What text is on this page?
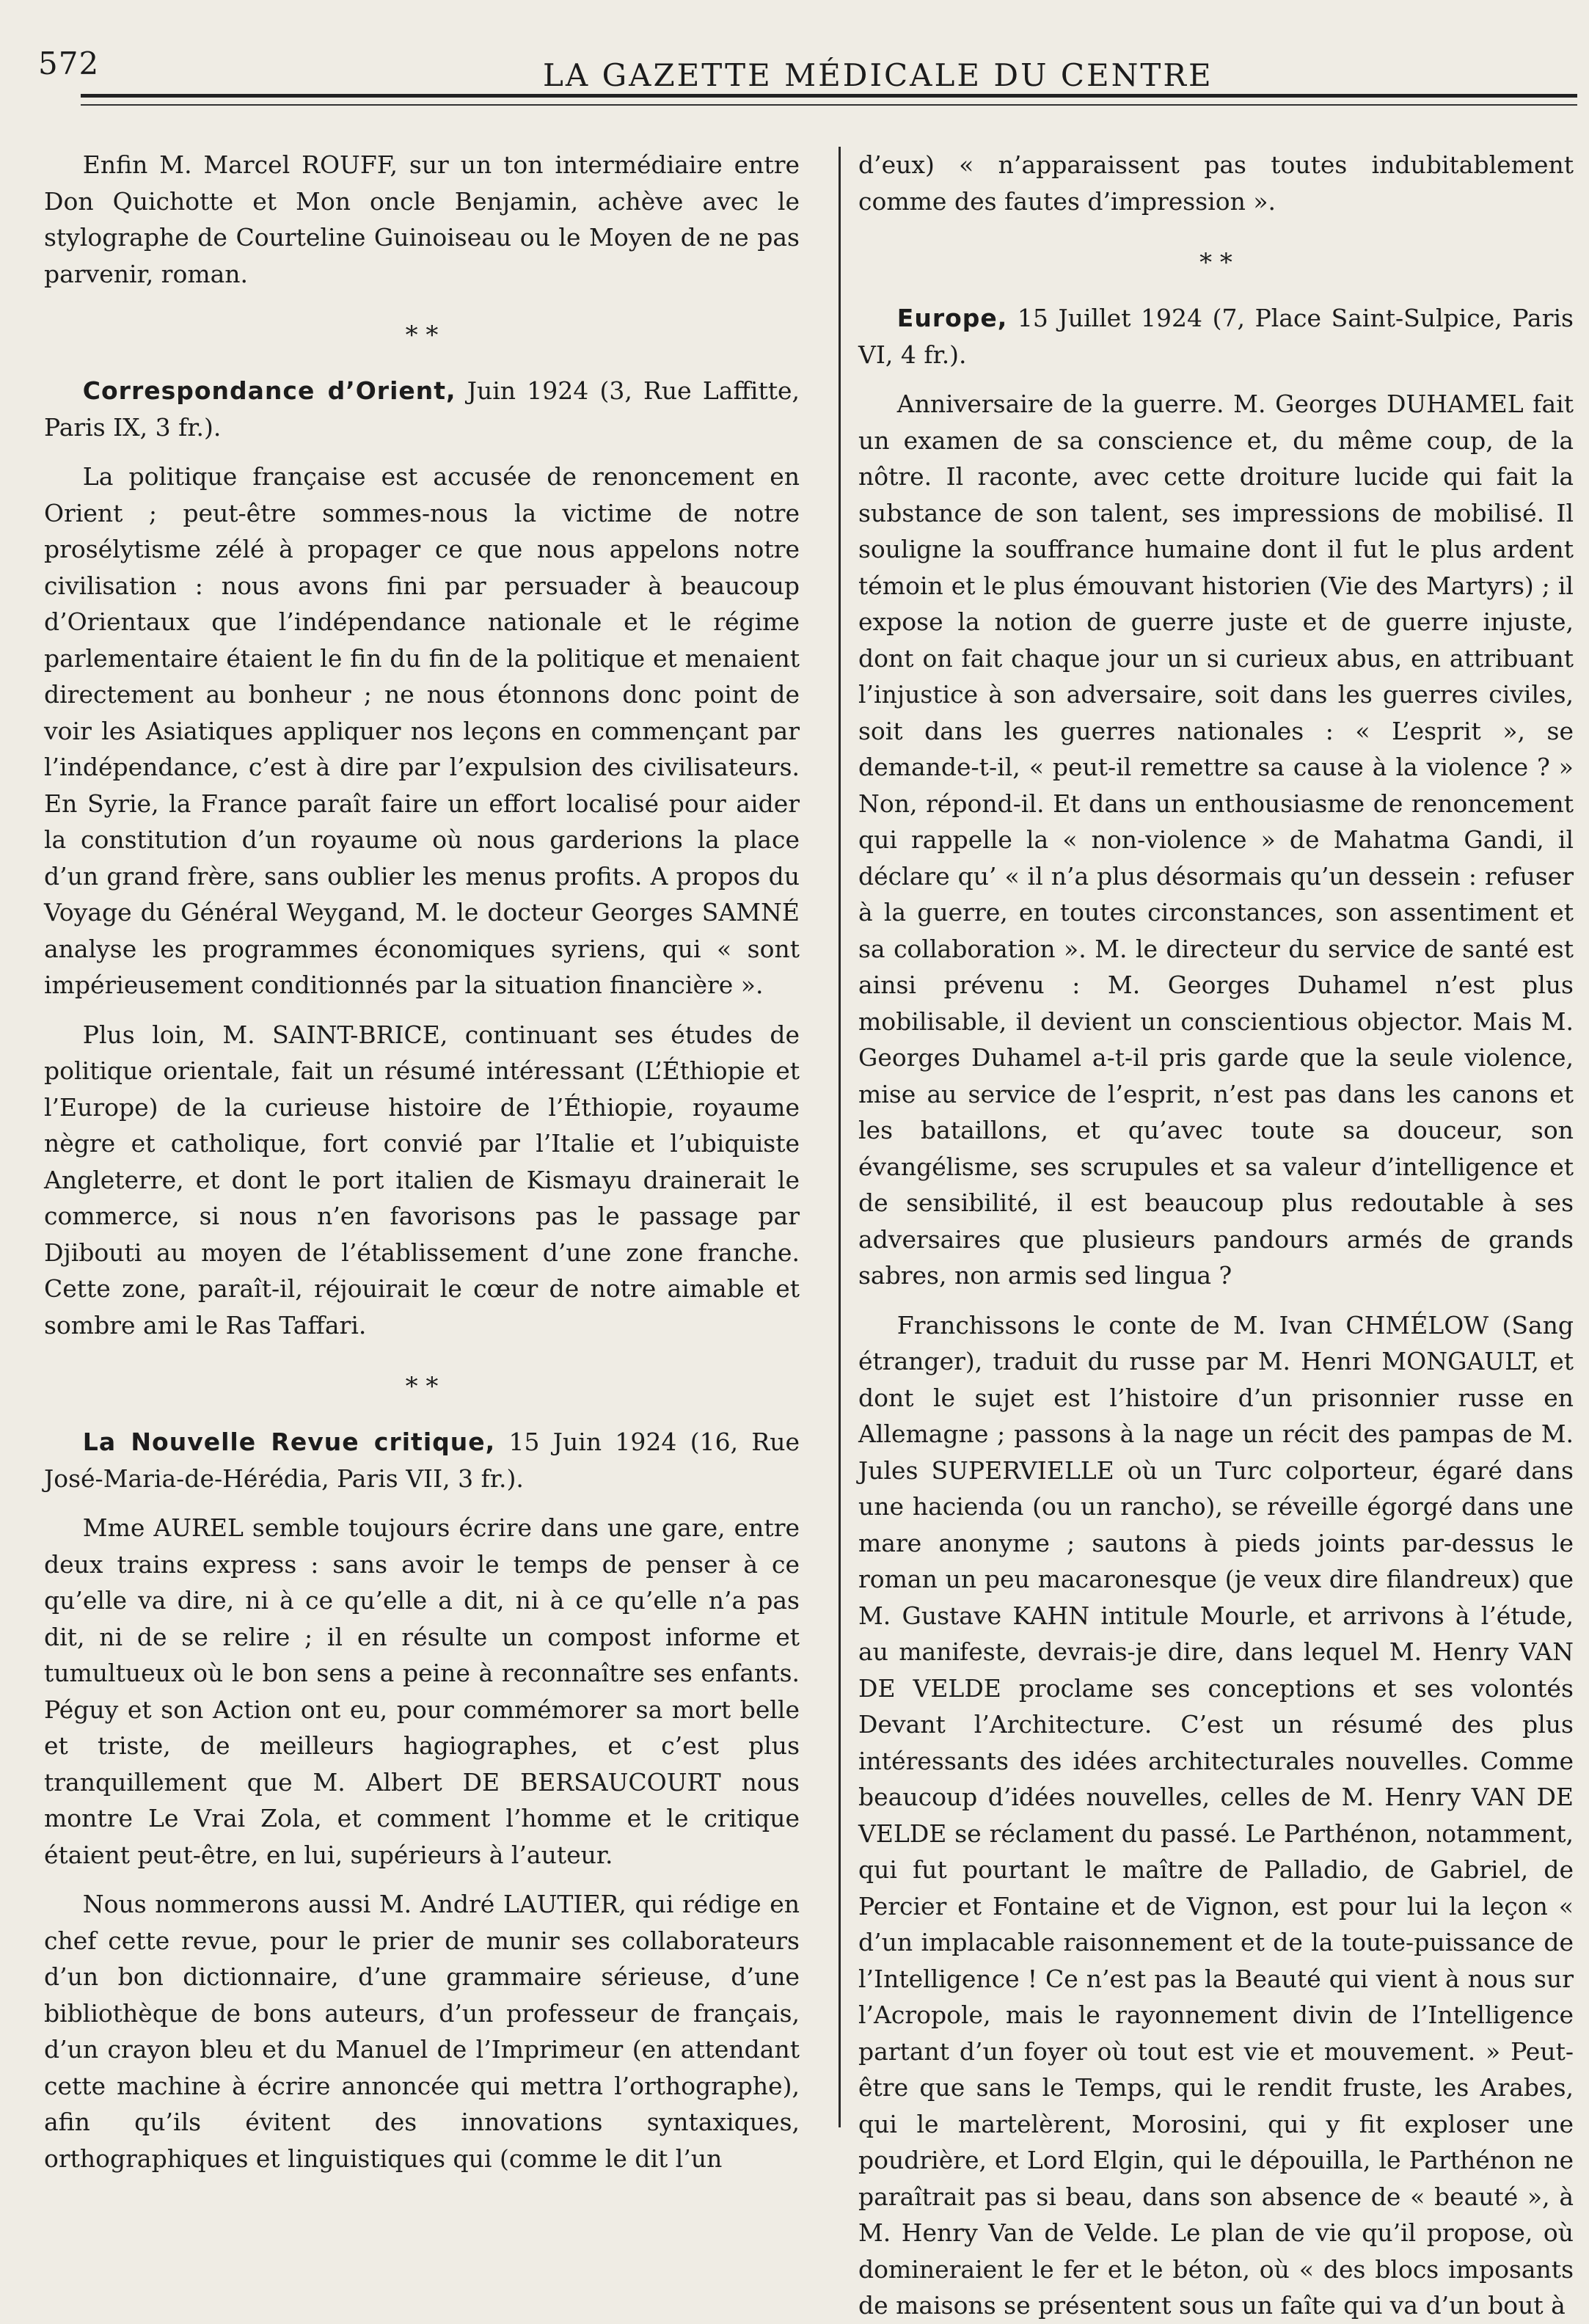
572	LA GAZETTE MÉDICALE DU CENTRE

Enfin M. Marcel ROUFF, sur un ton intermédiaire entre Don Quichotte et Mon oncle Benjamin, achève avec le stylographe de Courteline Guinoiseau ou le Moyen de ne pas parvenir, roman.

* *

Correspondance d’Orient, Juin 1924 (3, Rue Laffitte, Paris IX, 3 fr.).

La politique française est accusée de renoncement en Orient ; peut-être sommes-nous la victime de notre prosélytisme zélé à propager ce que nous appelons notre civilisation : nous avons fini par persuader à beaucoup d’Orientaux que l’indépendance nationale et le régime parlementaire étaient le fin du fin de la politique et menaient directement au bonheur ; ne nous étonnons donc point de voir les Asiatiques appliquer nos leçons en commençant par l’indépendance, c’est à dire par l’expulsion des civilisateurs. En Syrie, la France paraît faire un effort localisé pour aider la constitution d’un royaume où nous garderions la place d’un grand frère, sans oublier les menus profits. A propos du Voyage du Général Weygand, M. le docteur Georges SAMNÉ analyse les programmes économiques syriens, qui « sont impérieusement conditionnés par la situation financière ».

Plus loin, M. SAINT-BRICE, continuant ses études de politique orientale, fait un résumé intéressant (L’Éthiopie et l’Europe) de la curieuse histoire de l’Éthiopie, royaume nègre et catholique, fort convié par l’Italie et l’ubiquiste Angleterre, et dont le port italien de Kismayu drainerait le commerce, si nous n’en favorisons pas le passage par Djibouti au moyen de l’établissement d’une zone franche. Cette zone, paraît-il, réjouirait le cœur de notre aimable et sombre ami le Ras Taffari.

* *

La Nouvelle Revue critique, 15 Juin 1924 (16, Rue José-Maria-de-Hérédia, Paris VII, 3 fr.).

Mme AUREL semble toujours écrire dans une gare, entre deux trains express : sans avoir le temps de penser à ce qu’elle va dire, ni à ce qu’elle a dit, ni à ce qu’elle n’a pas dit, ni de se relire ; il en résulte un compost informe et tumultueux où le bon sens a peine à reconnaître ses enfants. Péguy et son Action ont eu, pour commémorer sa mort belle et triste, de meilleurs hagiographes, et c’est plus tranquillement que M. Albert DE BERSAUCOURT nous montre Le Vrai Zola, et comment l’homme et le critique étaient peut-être, en lui, supérieurs à l’auteur.

Nous nommerons aussi M. André LAUTIER, qui rédige en chef cette revue, pour le prier de munir ses collaborateurs d’un bon dictionnaire, d’une grammaire sérieuse, d’une bibliothèque de bons auteurs, d’un professeur de français, d’un crayon bleu et du Manuel de l’Imprimeur (en attendant cette machine à écrire annoncée qui mettra l’orthographe), afin qu’ils évitent des innovations syntaxiques, orthographiques et linguistiques qui (comme le dit l’un

d’eux) « n’apparaissent pas toutes indubitablement comme des fautes d’impression ».

* *

Europe, 15 Juillet 1924 (7, Place Saint-Sulpice, Paris VI, 4 fr.).

Anniversaire de la guerre. M. Georges DUHAMEL fait un examen de sa conscience et, du même coup, de la nôtre. Il raconte, avec cette droiture lucide qui fait la substance de son talent, ses impressions de mobilisé. Il souligne la souffrance humaine dont il fut le plus ardent témoin et le plus émouvant historien (Vie des Martyrs) ; il expose la notion de guerre juste et de guerre injuste, dont on fait chaque jour un si curieux abus, en attribuant l’injustice à son adversaire, soit dans les guerres civiles, soit dans les guerres nationales : « L’esprit », se demande-t-il, « peut-il remettre sa cause à la violence ? » Non, répond-il. Et dans un enthousiasme de renoncement qui rappelle la « non-violence » de Mahatma Gandi, il déclare qu’ « il n’a plus désormais qu’un dessein : refuser à la guerre, en toutes circonstances, son assentiment et sa collaboration ». M. le directeur du service de santé est ainsi prévenu : M. Georges Duhamel n’est plus mobilisable, il devient un conscientious objector. Mais M. Georges Duhamel a-t-il pris garde que la seule violence, mise au service de l’esprit, n’est pas dans les canons et les bataillons, et qu’avec toute sa douceur, son évangélisme, ses scrupules et sa valeur d’intelligence et de sensibilité, il est beaucoup plus redoutable à ses adversaires que plusieurs pandours armés de grands sabres, non armis sed lingua ?

Franchissons le conte de M. Ivan CHMÉLOW (Sang étranger), traduit du russe par M. Henri MONGAULT, et dont le sujet est l’histoire d’un prisonnier russe en Allemagne ; passons à la nage un récit des pampas de M. Jules SUPERVIELLE où un Turc colporteur, égaré dans une hacienda (ou un rancho), se réveille égorgé dans une mare anonyme ; sautons à pieds joints par-dessus le roman un peu macaronesque (je veux dire filandreux) que M. Gustave KAHN intitule Mourle, et arrivons à l’étude, au manifeste, devrais-je dire, dans lequel M. Henry VAN DE VELDE proclame ses conceptions et ses volontés Devant l’Architecture. C’est un résumé des plus intéressants des idées architecturales nouvelles. Comme beaucoup d’idées nouvelles, celles de M. Henry VAN DE VELDE se réclament du passé. Le Parthénon, notamment, qui fut pourtant le maître de Palladio, de Gabriel, de Percier et Fontaine et de Vignon, est pour lui la leçon « d’un implacable raisonnement et de la toute-puissance de l’Intelligence ! Ce n’est pas la Beauté qui vient à nous sur l’Acropole, mais le rayonnement divin de l’Intelligence partant d’un foyer où tout est vie et mouvement. » Peut-être que sans le Temps, qui le rendit fruste, les Arabes, qui le martelèrent, Morosini, qui y fit exploser une poudrière, et Lord Elgin, qui le dépouilla, le Parthénon ne paraîtrait pas si beau, dans son absence de « beauté », à M. Henry Van de Velde. Le plan de vie qu’il propose, où domineraient le fer et le béton, où « des blocs imposants de maisons se présentent sous un faîte qui va d’un bout à
